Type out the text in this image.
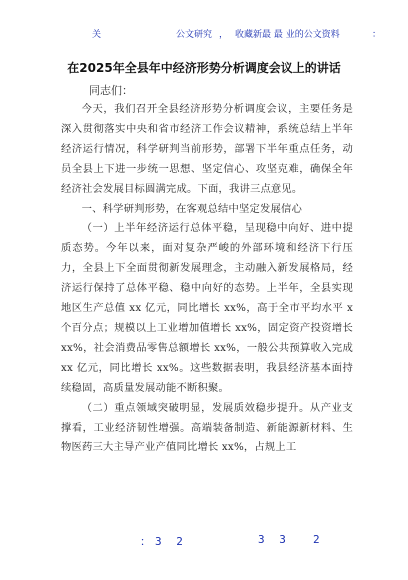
关	公文研究 ， 收藏新最 最 业的公文资料	：
在2025年全县年中经济形势分析调度会议上的讲话
同志们：

今天，我们召开全县经济形势分析调度会议，主要任务是深入贯彻落实中央和省市经济工作会议精神，系统总结上半年经济运行情况，科学研判当前形势，部署下半年重点任务，动员全县上下进一步统一思想、坚定信心、攻坚克难，确保全年经济社会发展目标圆满完成。下面，我讲三点意见。

一、科学研判形势，在客观总结中坚定发展信心

（一）上半年经济运行总体平稳，呈现稳中向好、进中提质态势。今年以来，面对复杂严峻的外部环境和经济下行压力，全县上下全面贯彻新发展理念，主动融入新发展格局，经济运行保持了总体平稳、稳中向好的态势。上半年，全县实现地区生产总值 xx 亿元，同比增长 xx%，高于全市平均水平 x 个百分点；规模以上工业增加值增长 xx%，固定资产投资增长 xx%，社会消费品零售总额增长 xx%，一般公共预算收入完成 xx 亿元，同比增长 xx%。这些数据表明，我县经济基本面持续稳固，高质量发展动能不断积聚。

（二）重点领域突破明显，发展质效稳步提升。从产业支撑看，工业经济韧性增强。高端装备制造、新能源新材料、生物医药三大主导产业产值同比增长 xx%，占规上工

：3 2	3 3 2
